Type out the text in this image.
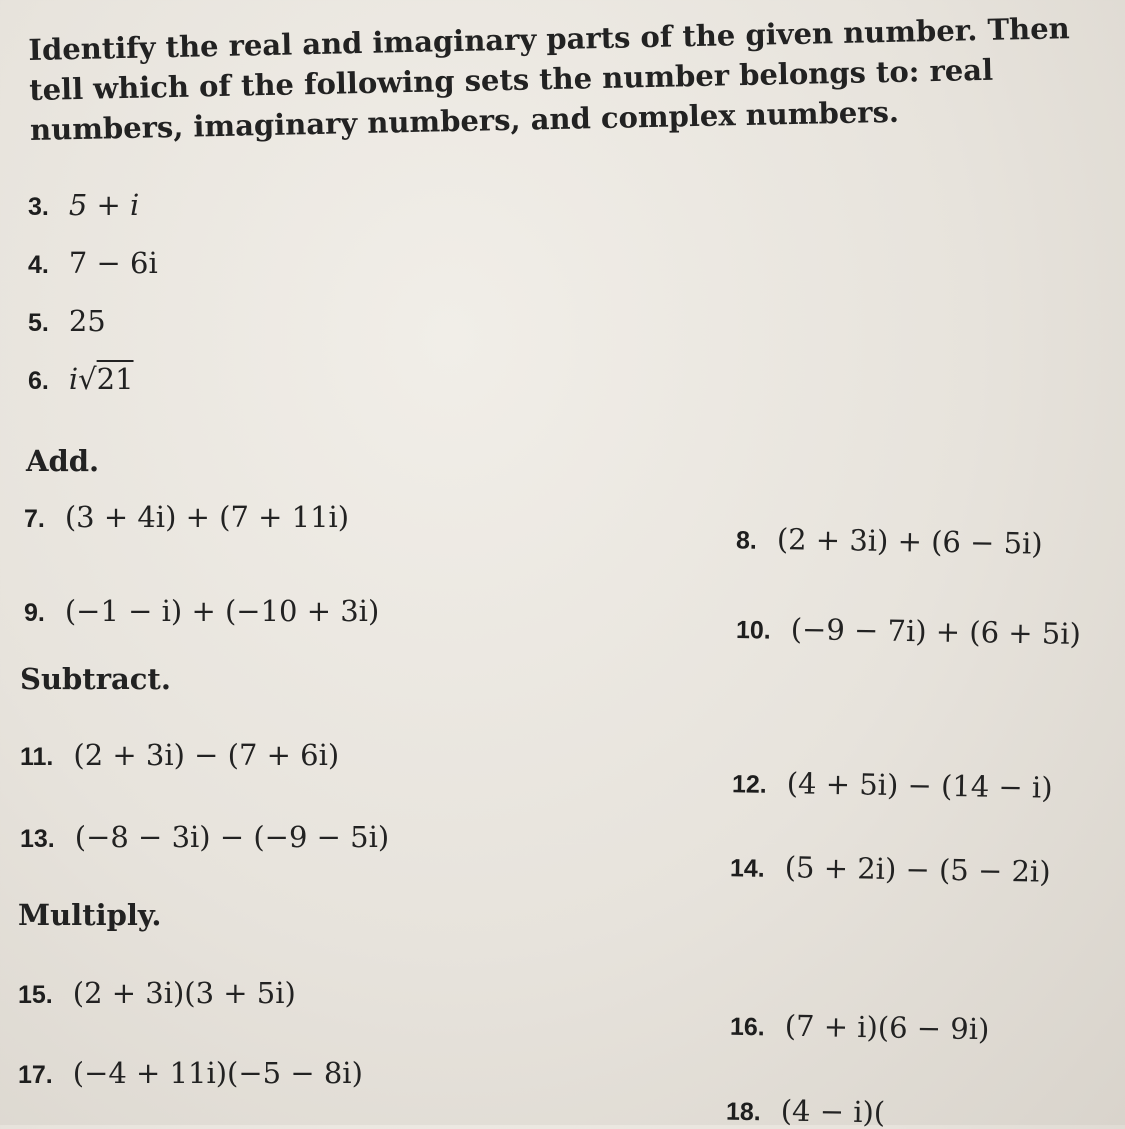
Identify the real and imaginary parts of the given number. Then tell which of the following sets the number belongs to: real numbers, imaginary numbers, and complex numbers.
3. 5 + i
4. 7 − 6i
5. 25
6. i√21
Add.
7. (3 + 4i) + (7 + 11i)
9. (−1 − i) + (−10 + 3i)
8. (2 + 3i) + (6 − 5i)
10. (−9 − 7i) + (6 + 5i)
Subtract.
11. (2 + 3i) − (7 + 6i)
13. (−8 − 3i) − (−9 − 5i)
12. (4 + 5i) − (14 − i)
14. (5 + 2i) − (5 − 2i)
Multiply.
15. (2 + 3i)(3 + 5i)
17. (−4 + 11i)(−5 − 8i)
16. (7 + i)(6 − 9i)
18. (4 − i)(
